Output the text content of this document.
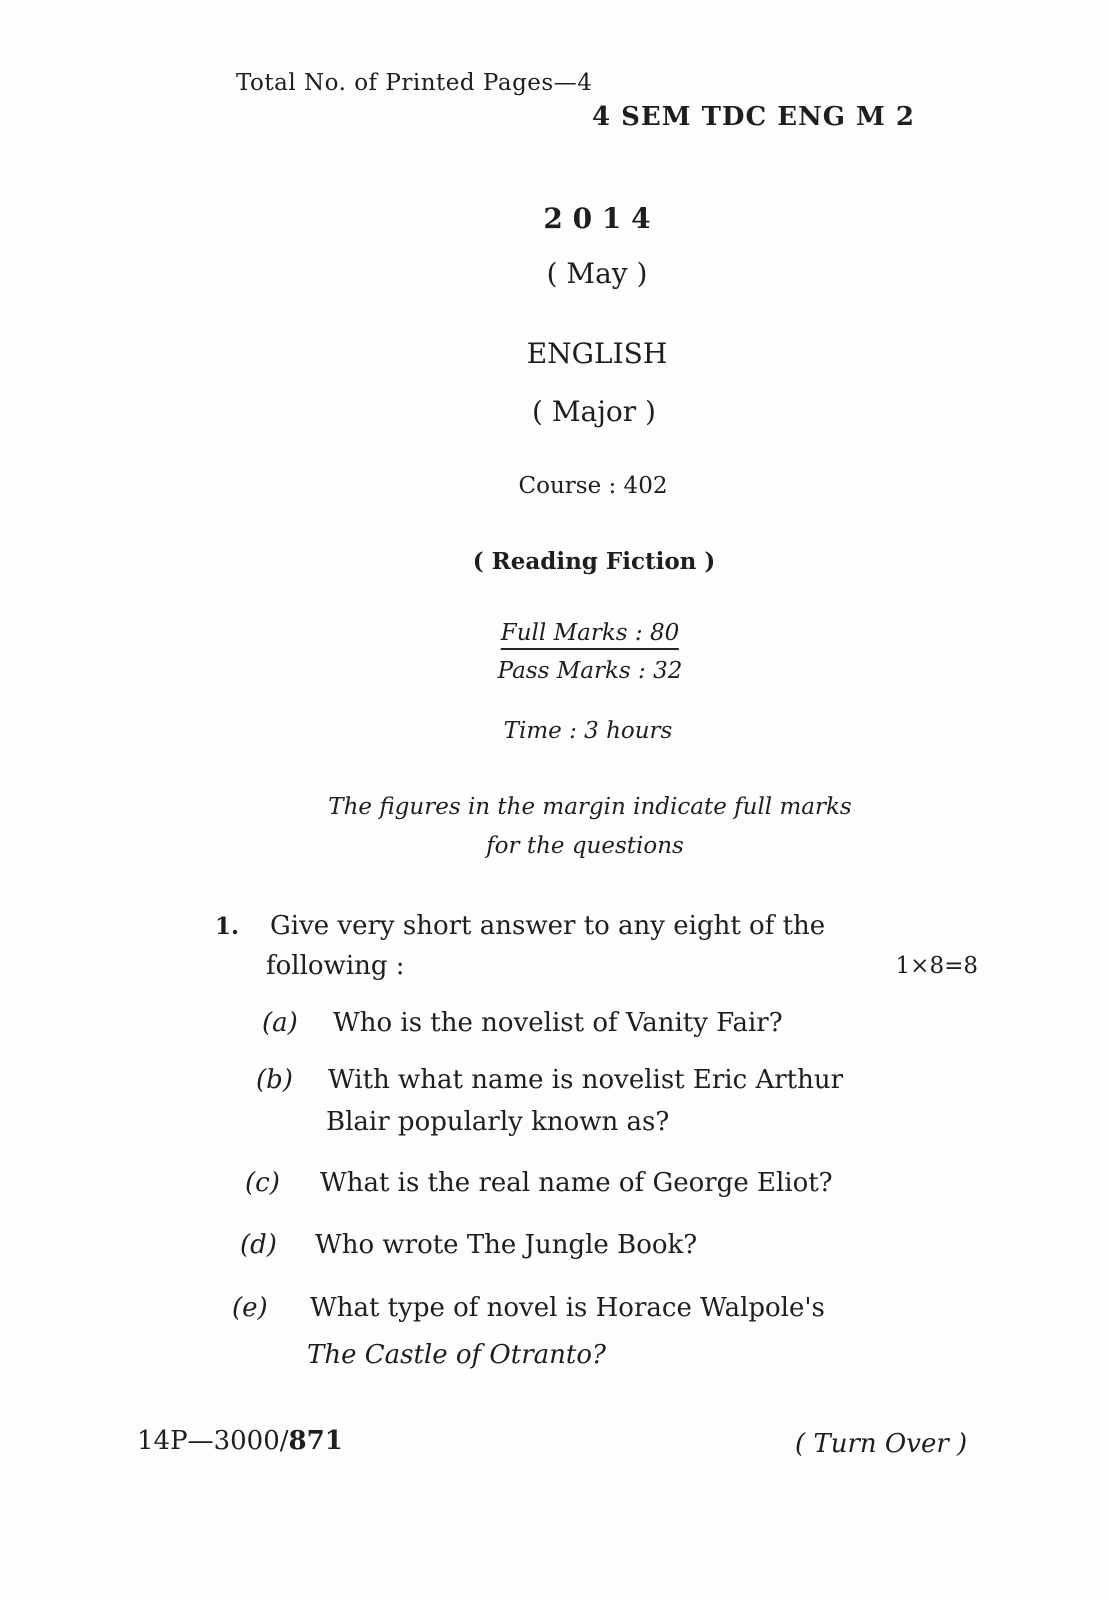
Total No. of Printed Pages—4
4 SEM TDC ENG M 2
2 0 1 4
( May )
ENGLISH
( Major )
Course : 402
( Reading Fiction )
Full Marks : 80
Pass Marks : 32
Time : 3 hours
The figures in the margin indicate full marks
for the questions
1. Give very short answer to any eight of the
following :	1×8=8
(a) Who is the novelist of Vanity Fair?
(b) With what name is novelist Eric Arthur
Blair popularly known as?
(c) What is the real name of George Eliot?
(d) Who wrote The Jungle Book?
(e) What type of novel is Horace Walpole's
The Castle of Otranto?
14P—3000/871	( Turn Over )
